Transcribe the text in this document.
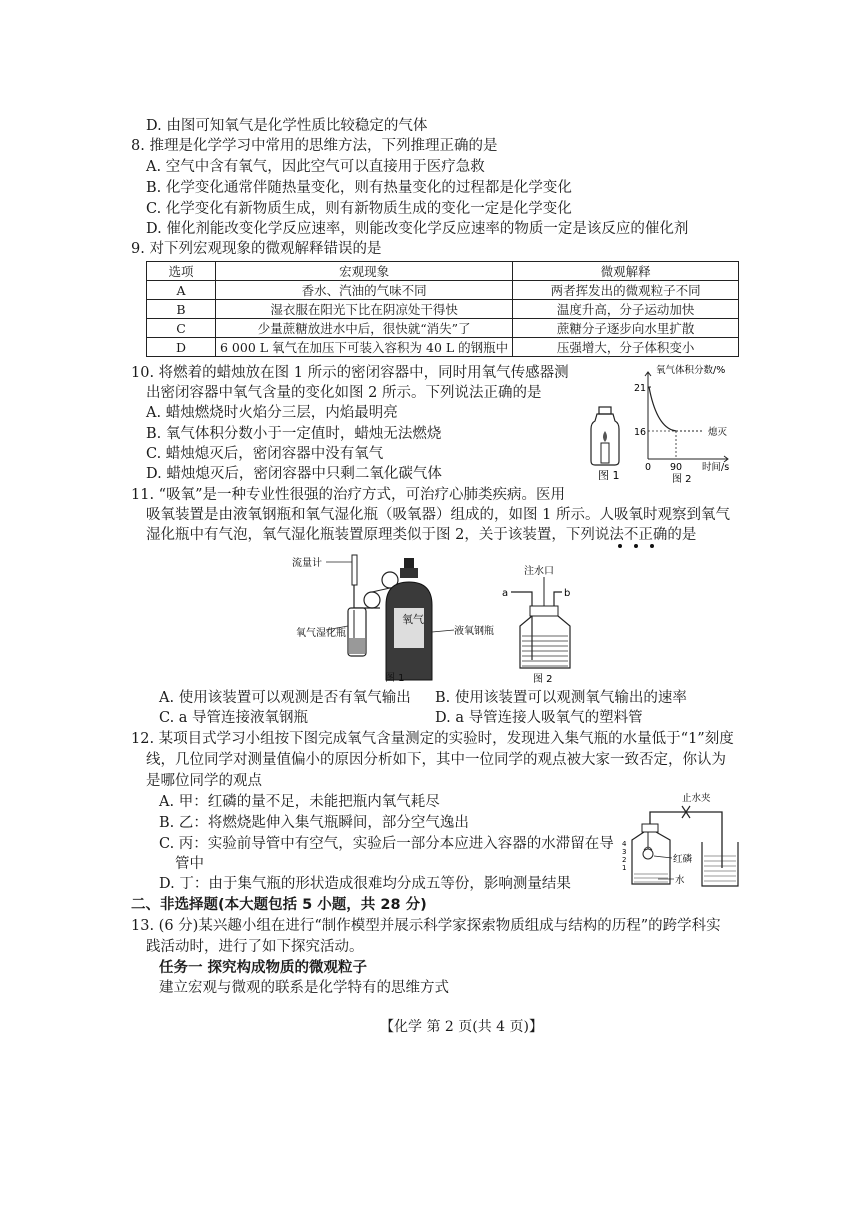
D. 由图可知氧气是化学性质比较稳定的气体
8. 推理是化学学习中常用的思维方法，下列推理正确的是
A. 空气中含有氧气，因此空气可以直接用于医疗急救
B. 化学变化通常伴随热量变化，则有热量变化的过程都是化学变化
C. 化学变化有新物质生成，则有新物质生成的变化一定是化学变化
D. 催化剂能改变化学反应速率，则能改变化学反应速率的物质一定是该反应的催化剂
9. 对下列宏观现象的微观解释错误的是
选项	宏观现象	微观解释
A	香水、汽油的气味不同	两者挥发出的微观粒子不同
B	湿衣服在阳光下比在阴凉处干得快	温度升高，分子运动加快
C	少量蔗糖放进水中后，很快就“消失”了	蔗糖分子逐步向水里扩散
D	6 000 L 氧气在加压下可装入容积为 40 L 的钢瓶中	压强增大，分子体积变小
10. 将燃着的蜡烛放在图 1 所示的密闭容器中，同时用氧气传感器测
出密闭容器中氧气含量的变化如图 2 所示。下列说法正确的是
A. 蜡烛燃烧时火焰分三层，内焰最明亮
B. 氧气体积分数小于一定值时，蜡烛无法燃烧
C. 蜡烛熄灭后，密闭容器中没有氧气
D. 蜡烛熄灭后，密闭容器中只剩二氧化碳气体	图 1
氧气体积分数/%
21
16	熄灭
0 90 时间/s
图 2
11. “吸氧”是一种专业性很强的治疗方式，可治疗心肺类疾病。医用
吸氧装置是由液氧钢瓶和氧气湿化瓶（吸氧器）组成的，如图 1 所示。人吸氧时观察到氧气
湿化瓶中有气泡，氧气湿化瓶装置原理类似于图 2，关于该装置，下列说法不正确的是
流量计
氧气湿化瓶
氧气
液氧钢瓶
图 1
注水口
a	b
图 2
A. 使用该装置可以观测是否有氧气输出 B. 使用该装置可以观测氧气输出的速率
C. a 导管连接液氧钢瓶	D. a 导管连接人吸氧气的塑料管
12. 某项目式学习小组按下图完成氧气含量测定的实验时，发现进入集气瓶的水量低于“1”刻度
线，几位同学对测量值偏小的原因分析如下，其中一位同学的观点被大家一致否定，你认为
是哪位同学的观点
A. 甲：红磷的量不足，未能把瓶内氧气耗尽
B. 乙：将燃烧匙伸入集气瓶瞬间，部分空气逸出
C. 丙：实验前导管中有空气，实验后一部分本应进入容器的水滞留在导
管中
D. 丁：由于集气瓶的形状造成很难均分成五等份，影响测量结果
止水夹
4
3
2
1
红磷
水
二、非选择题(本大题包括 5 小题，共 28 分)
13. (6 分)某兴趣小组在进行“制作模型并展示科学家探索物质组成与结构的历程”的跨学科实
践活动时，进行了如下探究活动。
任务一 探究构成物质的微观粒子
建立宏观与微观的联系是化学特有的思维方式
【化学 第 2 页(共 4 页)】
